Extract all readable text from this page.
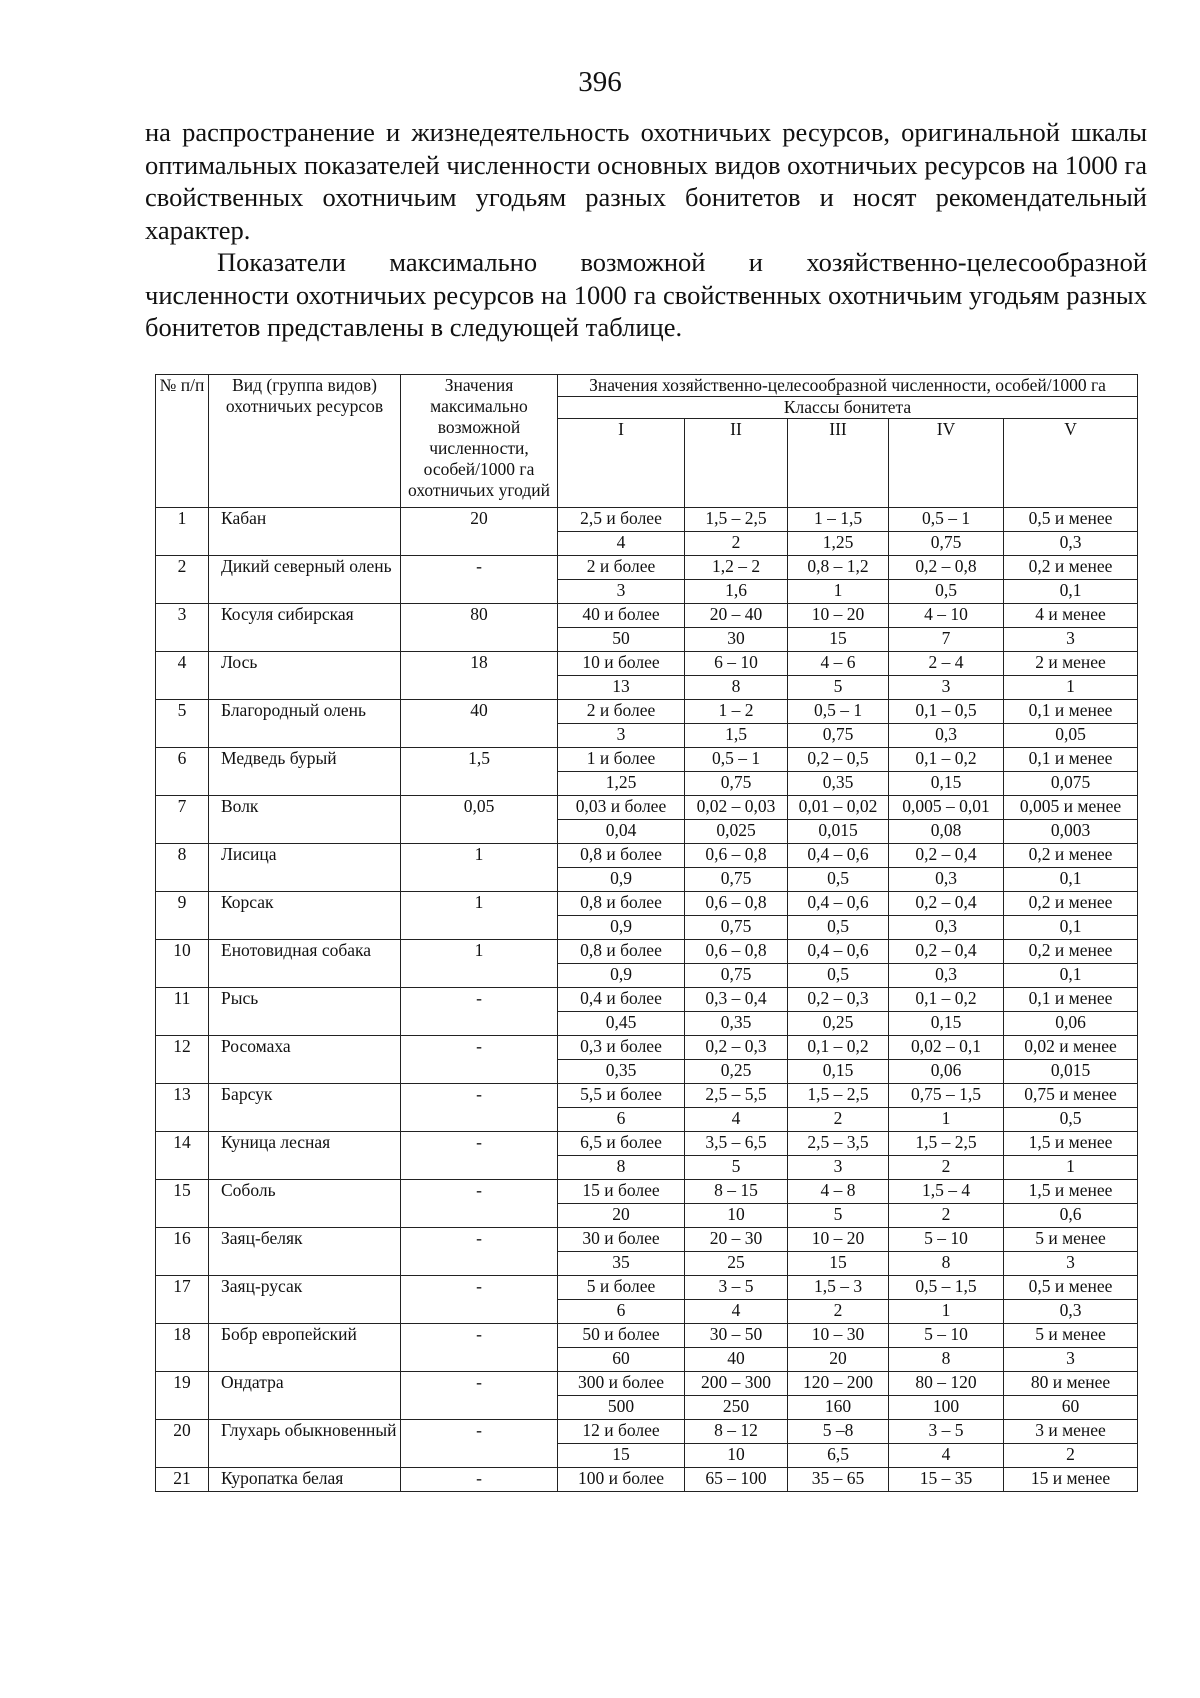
396
на распространение и жизнедеятельность охотничьих ресурсов, оригинальной шкалы оптимальных показателей численности основных видов охотничьих ресурсов на 1000 га свойственных охотничьим угодьям разных бонитетов и носят рекомендательный характер.
Показатели максимально возможной и хозяйственно-целесообразной численности охотничьих ресурсов на 1000 га свойственных охотничьим угодьям разных бонитетов представлены в следующей таблице.
№ п/п	Вид (группа видов) охотничьих ресурсов	Значения максимально возможной численности, особей/1000 га охотничьих угодий	Значения хозяйственно-целесообразной численности, особей/1000 га				
			Классы бонитета				
			I	II	III	IV	V
1	Кабан	20	2,5 и более	1,5 – 2,5	1 – 1,5	0,5 – 1	0,5 и менее
			4	2	1,25	0,75	0,3
2	Дикий северный олень	-	2 и более	1,2 – 2	0,8 – 1,2	0,2 – 0,8	0,2 и менее
			3	1,6	1	0,5	0,1
3	Косуля сибирская	80	40 и более	20 – 40	10 – 20	4 – 10	4 и менее
			50	30	15	7	3
4	Лось	18	10 и более	6 – 10	4 – 6	2 – 4	2 и менее
			13	8	5	3	1
5	Благородный олень	40	2 и более	1 – 2	0,5 – 1	0,1 – 0,5	0,1 и менее
			3	1,5	0,75	0,3	0,05
6	Медведь бурый	1,5	1 и более	0,5 – 1	0,2 – 0,5	0,1 – 0,2	0,1 и менее
			1,25	0,75	0,35	0,15	0,075
7	Волк	0,05	0,03 и более	0,02 – 0,03	0,01 – 0,02	0,005 – 0,01	0,005 и менее
			0,04	0,025	0,015	0,08	0,003
8	Лисица	1	0,8 и более	0,6 – 0,8	0,4 – 0,6	0,2 – 0,4	0,2 и менее
			0,9	0,75	0,5	0,3	0,1
9	Корсак	1	0,8 и более	0,6 – 0,8	0,4 – 0,6	0,2 – 0,4	0,2 и менее
			0,9	0,75	0,5	0,3	0,1
10	Енотовидная собака	1	0,8 и более	0,6 – 0,8	0,4 – 0,6	0,2 – 0,4	0,2 и менее
			0,9	0,75	0,5	0,3	0,1
11	Рысь	-	0,4 и более	0,3 – 0,4	0,2 – 0,3	0,1 – 0,2	0,1 и менее
			0,45	0,35	0,25	0,15	0,06
12	Росомаха	-	0,3 и более	0,2 – 0,3	0,1 – 0,2	0,02 – 0,1	0,02 и менее
			0,35	0,25	0,15	0,06	0,015
13	Барсук	-	5,5 и более	2,5 – 5,5	1,5 – 2,5	0,75 – 1,5	0,75 и менее
			6	4	2	1	0,5
14	Куница лесная	-	6,5 и более	3,5 – 6,5	2,5 – 3,5	1,5 – 2,5	1,5 и менее
			8	5	3	2	1
15	Соболь	-	15 и более	8 – 15	4 – 8	1,5 – 4	1,5 и менее
			20	10	5	2	0,6
16	Заяц-беляк	-	30 и более	20 – 30	10 – 20	5 – 10	5 и менее
			35	25	15	8	3
17	Заяц-русак	-	5 и более	3 – 5	1,5 – 3	0,5 – 1,5	0,5 и менее
			6	4	2	1	0,3
18	Бобр европейский	-	50 и более	30 – 50	10 – 30	5 – 10	5 и менее
			60	40	20	8	3
19	Ондатра	-	300 и более	200 – 300	120 – 200	80 – 120	80 и менее
			500	250	160	100	60
20	Глухарь обыкновенный	-	12 и более	8 – 12	5 –8	3 – 5	3 и менее
			15	10	6,5	4	2
21	Куропатка белая	-	100 и более	65 – 100	35 – 65	15 – 35	15 и менее
